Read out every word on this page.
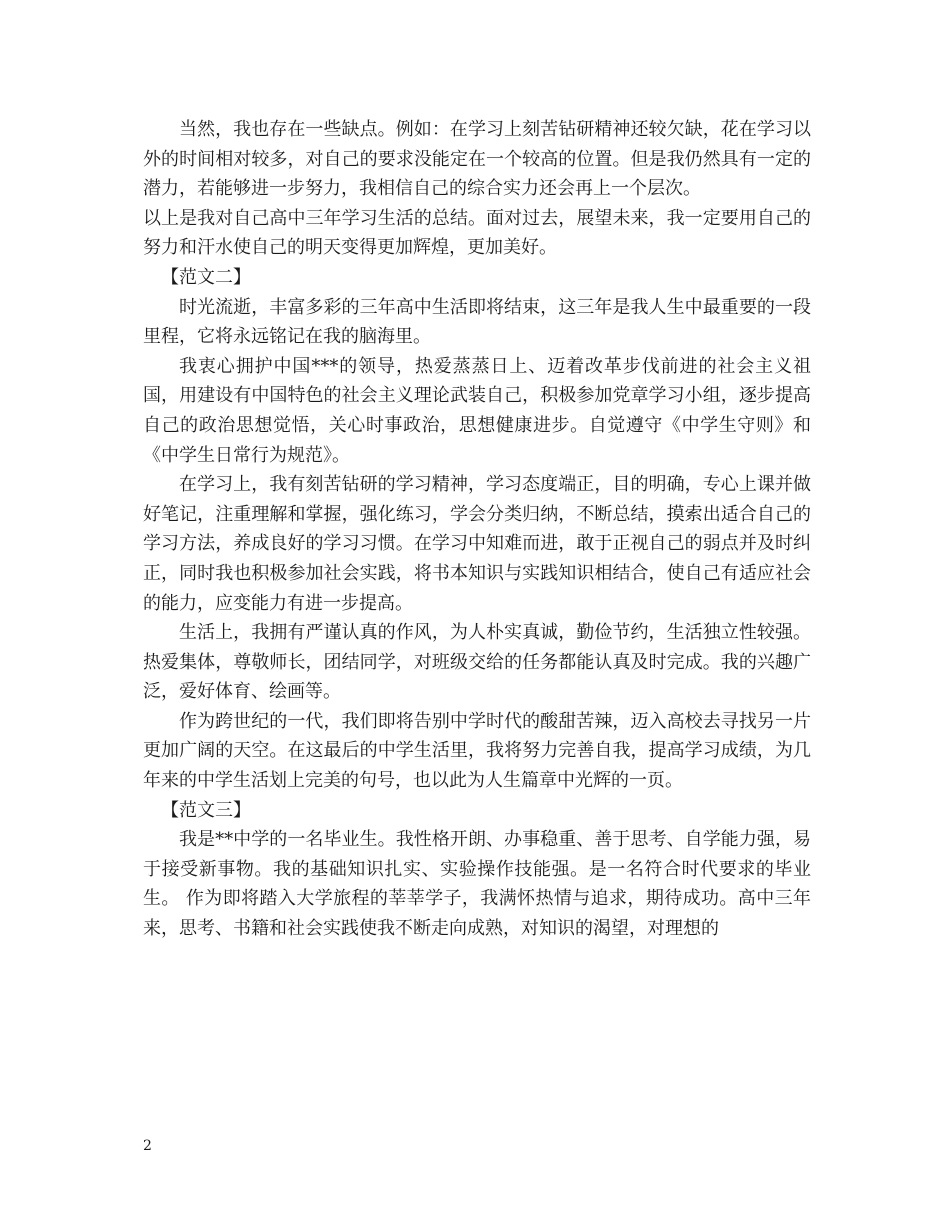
当然，我也存在一些缺点。例如：在学习上刻苦钻研精神还较欠缺，花在学习以外的时间相对较多，对自己的要求没能定在一个较高的位置。但是我仍然具有一定的潜力，若能够进一步努力，我相信自己的综合实力还会再上一个层次。

以上是我对自己高中三年学习生活的总结。面对过去，展望未来，我一定要用自己的努力和汗水使自己的明天变得更加辉煌，更加美好。

【范文二】

时光流逝，丰富多彩的三年高中生活即将结束，这三年是我人生中最重要的一段里程，它将永远铭记在我的脑海里。

我衷心拥护中国***的领导，热爱蒸蒸日上、迈着改革步伐前进的社会主义祖国，用建设有中国特色的社会主义理论武装自己，积极参加党章学习小组，逐步提高自己的政治思想觉悟，关心时事政治，思想健康进步。自觉遵守《中学生守则》和《中学生日常行为规范》。

在学习上，我有刻苦钻研的学习精神，学习态度端正，目的明确，专心上课并做好笔记，注重理解和掌握，强化练习，学会分类归纳，不断总结，摸索出适合自己的学习方法，养成良好的学习习惯。在学习中知难而进，敢于正视自己的弱点并及时纠正，同时我也积极参加社会实践，将书本知识与实践知识相结合，使自己有适应社会的能力，应变能力有进一步提高。

生活上，我拥有严谨认真的作风，为人朴实真诚，勤俭节约，生活独立性较强。热爱集体，尊敬师长，团结同学，对班级交给的任务都能认真及时完成。我的兴趣广泛，爱好体育、绘画等。

作为跨世纪的一代，我们即将告别中学时代的酸甜苦辣，迈入高校去寻找另一片更加广阔的天空。在这最后的中学生活里，我将努力完善自我，提高学习成绩，为几年来的中学生活划上完美的句号，也以此为人生篇章中光辉的一页。

【范文三】

我是**中学的一名毕业生。我性格开朗、办事稳重、善于思考、自学能力强，易于接受新事物。我的基础知识扎实、实验操作技能强。是一名符合时代要求的毕业生。 作为即将踏入大学旅程的莘莘学子，我满怀热情与追求，期待成功。高中三年来，思考、书籍和社会实践使我不断走向成熟，对知识的渴望，对理想的

2
